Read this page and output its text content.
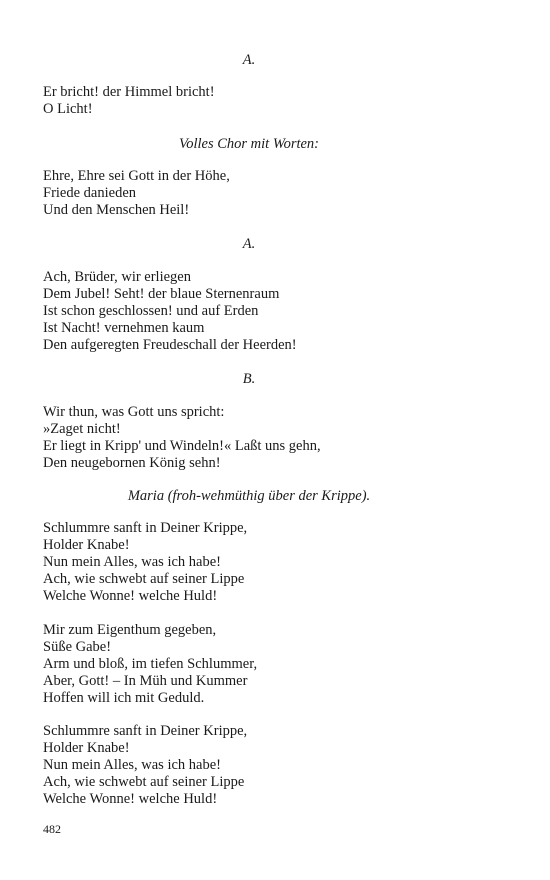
A.
Er bricht! der Himmel bricht!
O Licht!
Volles Chor mit Worten:
Ehre, Ehre sei Gott in der Höhe,
Friede danieden
Und den Menschen Heil!
A.
Ach, Brüder, wir erliegen
Dem Jubel! Seht! der blaue Sternenraum
Ist schon geschlossen! und auf Erden
Ist Nacht! vernehmen kaum
Den aufgeregten Freudeschall der Heerden!
B.
Wir thun, was Gott uns spricht:
»Zaget nicht!
Er liegt in Kripp' und Windeln!« Laßt uns gehn,
Den neugebornen König sehn!
Maria (froh-wehmüthig über der Krippe).
Schlummre sanft in Deiner Krippe,
Holder Knabe!
Nun mein Alles, was ich habe!
Ach, wie schwebt auf seiner Lippe
Welche Wonne! welche Huld!
Mir zum Eigenthum gegeben,
Süße Gabe!
Arm und bloß, im tiefen Schlummer,
Aber, Gott! – In Müh und Kummer
Hoffen will ich mit Geduld.
Schlummre sanft in Deiner Krippe,
Holder Knabe!
Nun mein Alles, was ich habe!
Ach, wie schwebt auf seiner Lippe
Welche Wonne! welche Huld!
482
